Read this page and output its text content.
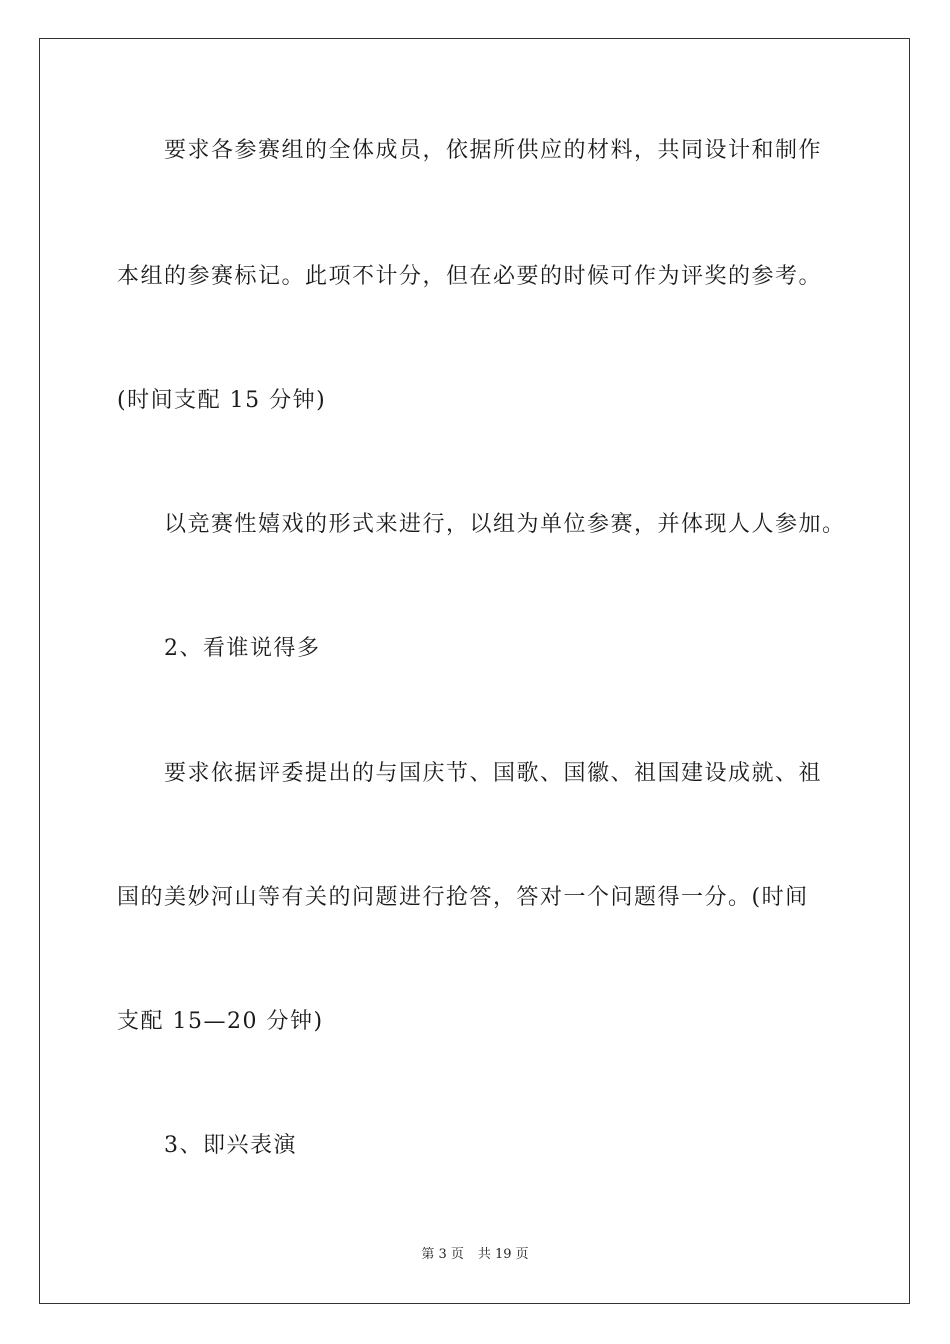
要求各参赛组的全体成员，依据所供应的材料，共同设计和制作
本组的参赛标记。此项不计分，但在必要的时候可作为评奖的参考。
(时间支配 15 分钟)
以竞赛性嬉戏的形式来进行，以组为单位参赛，并体现人人参加。
2、看谁说得多
要求依据评委提出的与国庆节、国歌、国徽、祖国建设成就、祖
国的美妙河山等有关的问题进行抢答，答对一个问题得一分。(时间
支配 15—20 分钟)
3、即兴表演
第 3 页 共 19 页
